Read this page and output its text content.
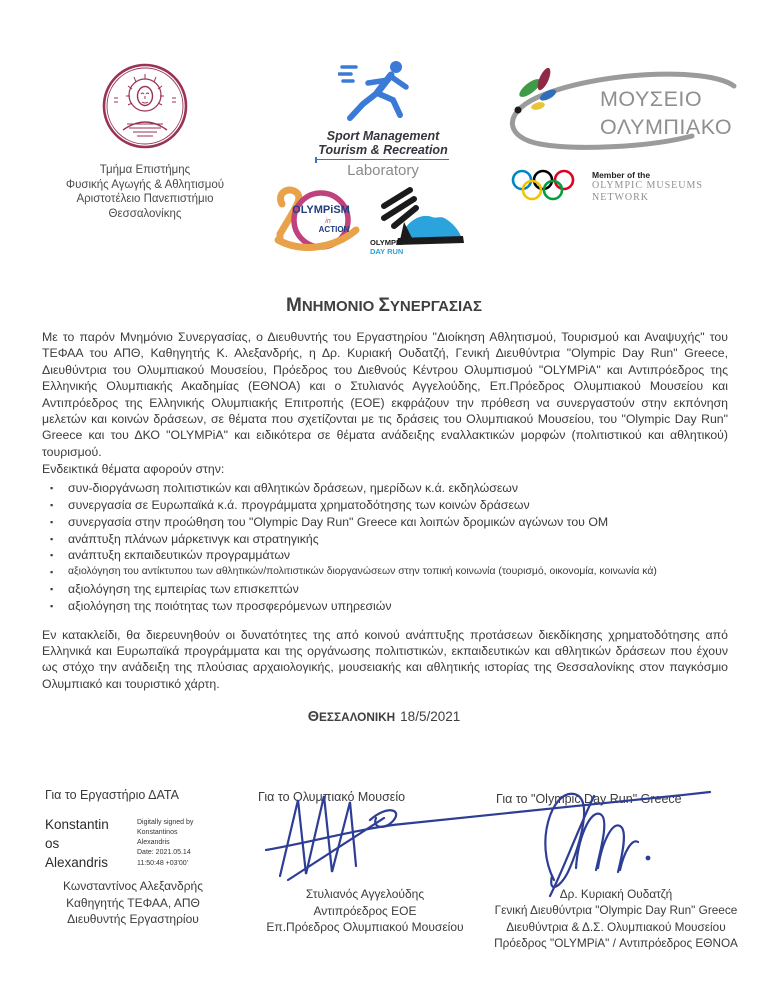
Τμήμα Επιστήμης
Φυσικής Αγωγής & Αθλητισμού
Αριστοτέλειο Πανεπιστήμιο
Θεσσαλονίκης
Sport Management
Tourism & Recreation
Laboratory
OLYMPiSM
in
ACTION
OLYMPIC
DAY RUN
ΜΟΥΣΕΙΟ
ΟΛΥΜΠΙΑΚΟ
Member of the
OLYMPIC MUSEUMS
NETWORK
ΜΝΗΜΟΝΙΟ ΣΥΝΕΡΓΑΣΙΑΣ
Με το παρόν Μνημόνιο Συνεργασίας, ο Διευθυντής του Εργαστηρίου "Διοίκηση Αθλητισμού, Τουρισμού και Αναψυχής" του ΤΕΦΑΑ του ΑΠΘ, Καθηγητής Κ. Αλεξανδρής, η Δρ. Κυριακή Ουδατζή, Γενική Διευθύντρια "Olympic Day Run" Greece, Διευθύντρια του Ολυμπιακού Μουσείου, Πρόεδρος του Διεθνούς Κέντρου Ολυμπισμού "OLYMPiA" και Αντιπρόεδρος της Ελληνικής Ολυμπιακής Ακαδημίας (ΕΘΝΟΑ) και ο Στυλιανός Αγγελούδης, Επ.Πρόεδρος Ολυμπιακού Μουσείου και Αντιπρόεδρος της Ελληνικής Ολυμπιακής Επιτροπής (ΕΟΕ) εκφράζουν την πρόθεση να συνεργαστούν στην εκπόνηση μελετών και κοινών δράσεων, σε θέματα που σχετίζονται με τις δράσεις του Ολυμπιακού Μουσείου, του "Olympic Day Run" Greece και του ΔΚΟ "OLYMPiA" και ειδικότερα σε θέματα ανάδειξης εναλλακτικών μορφών (πολιτιστικού και αθλητικού) τουρισμού.
Ενδεικτικά θέματα αφορούν στην:
▪ συν-διοργάνωση πολιτιστικών και αθλητικών δράσεων, ημερίδων κ.ά. εκδηλώσεων
▪ συνεργασία σε Ευρωπαϊκά κ.ά. προγράμματα χρηματοδότησης των κοινών δράσεων
▪ συνεργασία στην προώθηση του "Olympic Day Run" Greece και λοιπών δρομικών αγώνων του ΟΜ
▪ ανάπτυξη πλάνων μάρκετινγκ και στρατηγικής
▪ ανάπτυξη εκπαιδευτικών προγραμμάτων
▪ αξιολόγηση του αντίκτυπου των αθλητικών/πολιτιστικών διοργανώσεων στην τοπική κοινωνία (τουρισμό, οικονομία, κοινωνία κά)
▪ αξιολόγηση της εμπειρίας των επισκεπτών
▪ αξιολόγηση της ποιότητας των προσφερόμενων υπηρεσιών
Εν κατακλείδι, θα διερευνηθούν οι δυνατότητες της από κοινού ανάπτυξης προτάσεων διεκδίκησης χρηματοδότησης από Ελληνικά και Ευρωπαϊκά προγράμματα και της οργάνωσης πολιτιστικών, εκπαιδευτικών και αθλητικών δράσεων που έχουν ως στόχο την ανάδειξη της πλούσιας αρχαιολογικής, μουσειακής και αθλητικής ιστορίας της Θεσσαλονίκης στον παγκόσμιο Ολυμπιακό και τουριστικό χάρτη.
ΘΕΣΣΑΛΟΝΙΚΗ 18/5/2021
Για το Εργαστήριο ΔΑΤΑ	Για το Ολυμπιακό Μουσείο	Για το "Olympic Day Run" Greece
Konstantin
os
Alexandris
Digitally signed by
Konstantinos
Alexandris
Date: 2021.05.14
11:50:48 +03'00'
Κωνσταντίνος Αλεξανδρής
Καθηγητής ΤΕΦΑΑ, ΑΠΘ
Διευθυντής Εργαστηρίου
Στυλιανός Αγγελούδης
Αντιπρόεδρος ΕΟΕ
Επ.Πρόεδρος Ολυμπιακού Μουσείου
Δρ. Κυριακή Ουδατζή
Γενική Διευθύντρια "Olympic Day Run" Greece
Διευθύντρια & Δ.Σ. Ολυμπιακού Μουσείου
Πρόεδρος "OLYMPiA" / Αντιπρόεδρος ΕΘΝΟΑ
